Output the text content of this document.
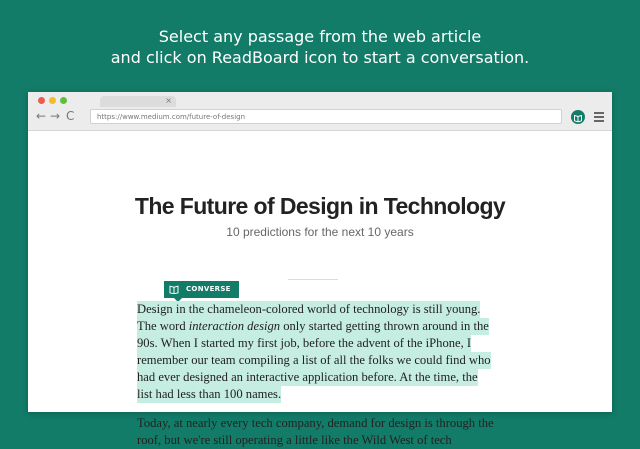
Select any passage from the web article
and click on ReadBoard icon to start a conversation.
×
← → C	https://www.medium.com/future-of-design
The Future of Design in Technology
10 predictions for the next 10 years
CONVERSE
Design in the chameleon-colored world of technology is still young.
The word interaction design only started getting thrown around in the
90s. When I started my first job, before the advent of the iPhone, I
remember our team compiling a list of all the folks we could find who
had ever designed an interactive application before. At the time, the
list had less than 100 names.
Today, at nearly every tech company, demand for design is through the
roof, but we're still operating a little like the Wild West of tech
